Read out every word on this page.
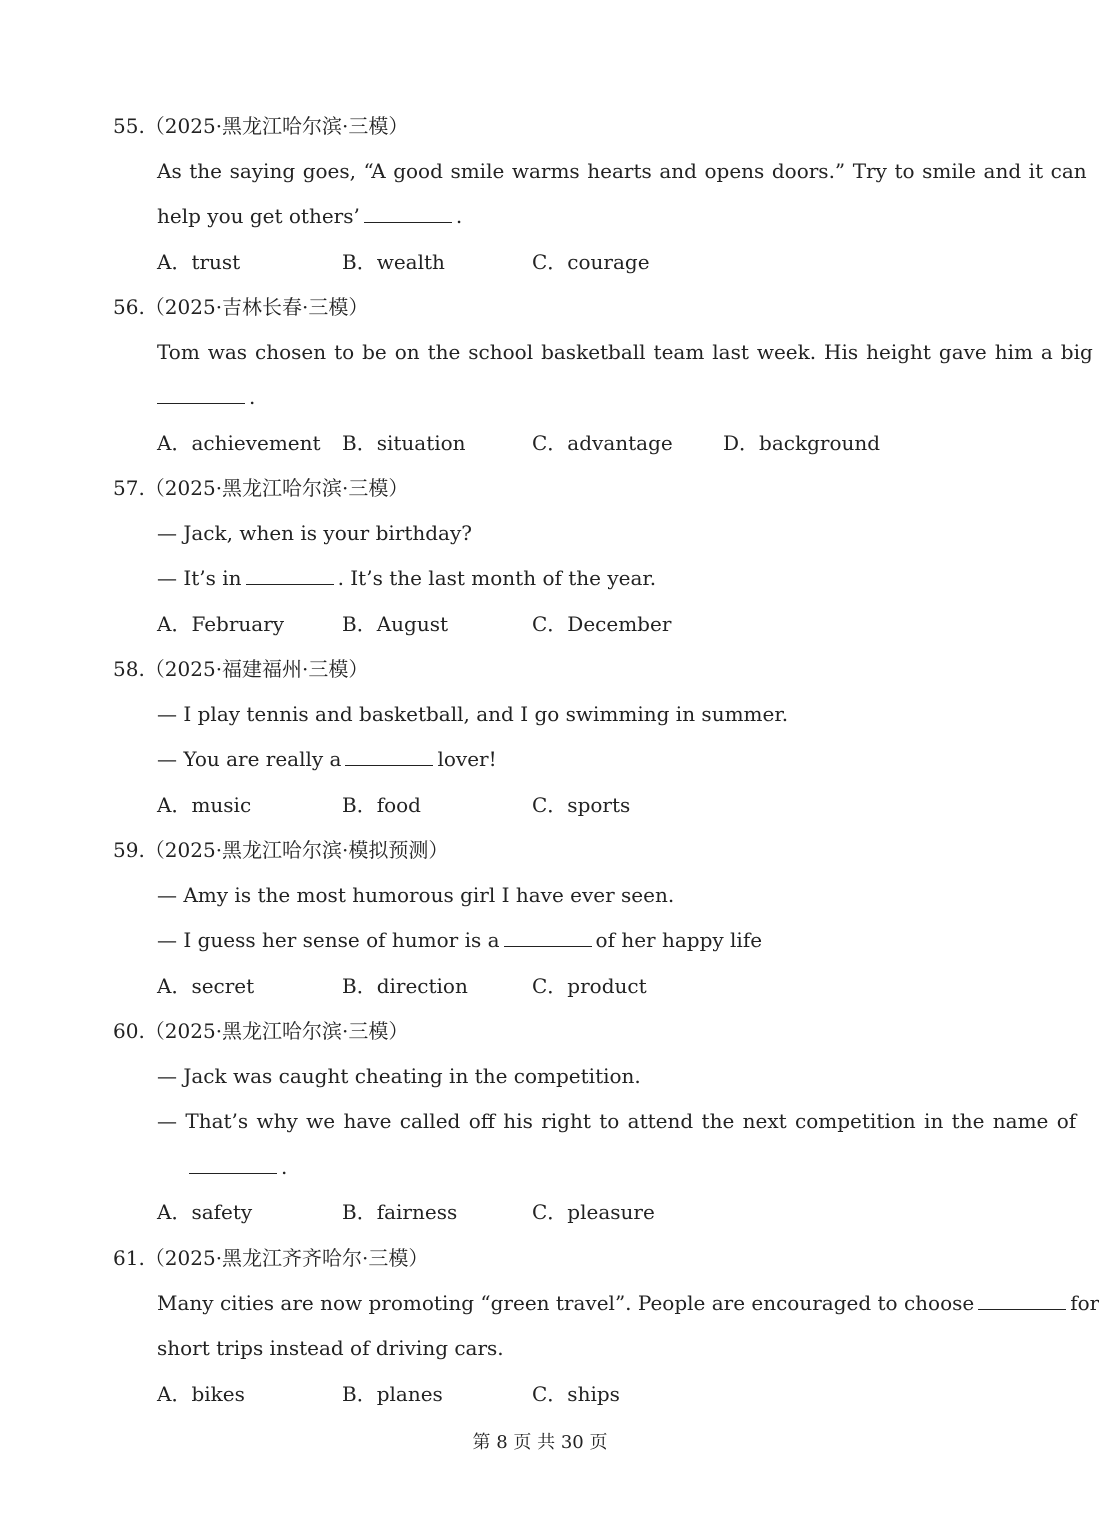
55.（2025·黑龙江哈尔滨·三模）
As the saying goes, “A good smile warms hearts and opens doors.” Try to smile and it can
help you get others’	.
A．trust	B．wealth	C．courage
56.（2025·吉林长春·三模）
Tom was chosen to be on the school basketball team last week. His height gave him a big
.
A．achievement B．situation	C．advantage	D．background
57.（2025·黑龙江哈尔滨·三模）
— Jack, when is your birthday?
— It’s in	. It’s the last month of the year.
A．February	B．August	C．December
58.（2025·福建福州·三模）
— I play tennis and basketball, and I go swimming in summer.
— You are really a	lover!
A．music	B．food	C．sports
59.（2025·黑龙江哈尔滨·模拟预测）
— Amy is the most humorous girl I have ever seen.
— I guess her sense of humor is a	of her happy life
A．secret	B．direction	C．product
60.（2025·黑龙江哈尔滨·三模）
— Jack was caught cheating in the competition.
— That’s why we have called off his right to attend the next competition in the name of
.
A．safety	B．fairness	C．pleasure
61.（2025·黑龙江齐齐哈尔·三模）
Many cities are now promoting “green travel”. People are encouraged to choose	for
short trips instead of driving cars.
A．bikes	B．planes	C．ships
第 8 页 共 30 页
